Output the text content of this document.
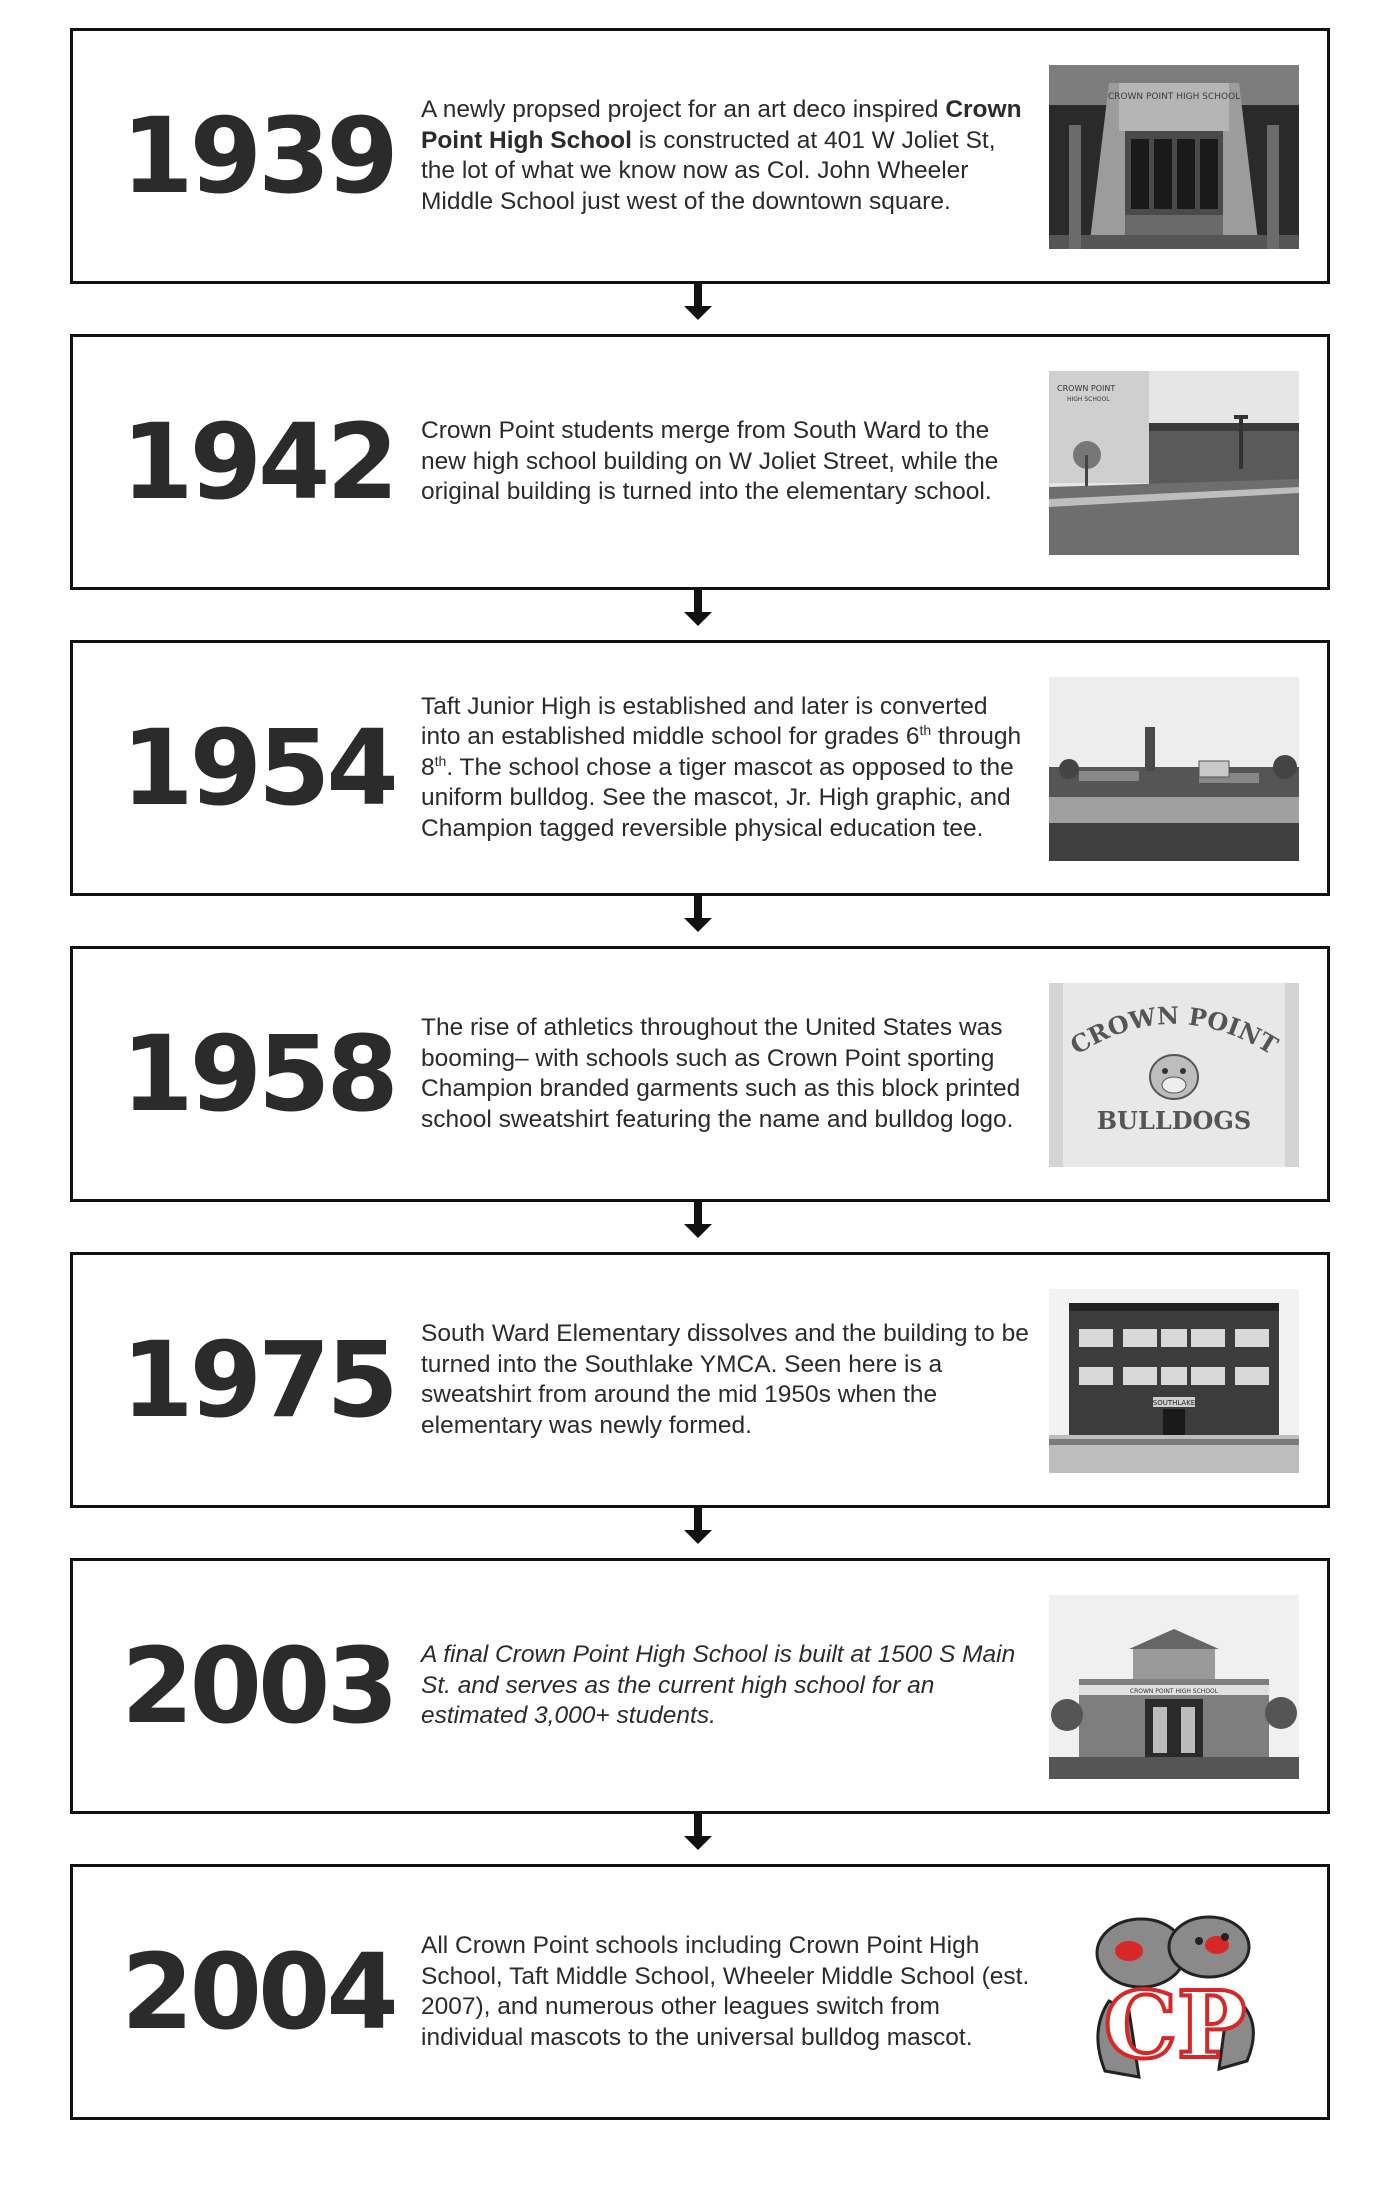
1939 A newly propsed project for an art deco inspired Crown Point High School is constructed at 401 W Joliet St, the lot of what we know now as Col. John Wheeler Middle School just west of the downtown square.

CROWN POINT HIGH SCHOOL
1942 Crown Point students merge from South Ward to the new high school building on W Joliet Street, while the original building is turned into the elementary school.

CROWN POINT
HIGH SCHOOL
1954

Taft Junior High is established and later is converted into an established middle school for grades 6th through 8th. The school chose a tiger mascot as opposed to the uniform bulldog. See the mascot, Jr. High graphic, and Champion tagged reversible physical education tee.

1958 The rise of athletics throughout the United States was booming– with schools such as Crown Point sporting Champion branded garments such as this block printed school sweatshirt featuring the name and bulldog logo.

CROWN POINT
BULLDOGS
1975 South Ward Elementary dissolves and the building to be turned into the Southlake YMCA. Seen here is a sweatshirt from around the mid 1950s when the elementary was newly formed.

SOUTHLAKE
2003 A final Crown Point High School is built at 1500 S Main St. and serves as the current high school for an estimated 3,000+ students.

CROWN POINT HIGH SCHOOL
2004 All Crown Point schools including Crown Point High School, Taft Middle School, Wheeler Middle School (est. 2007), and numerous other leagues switch from individual mascots to the universal bulldog mascot.	CP
